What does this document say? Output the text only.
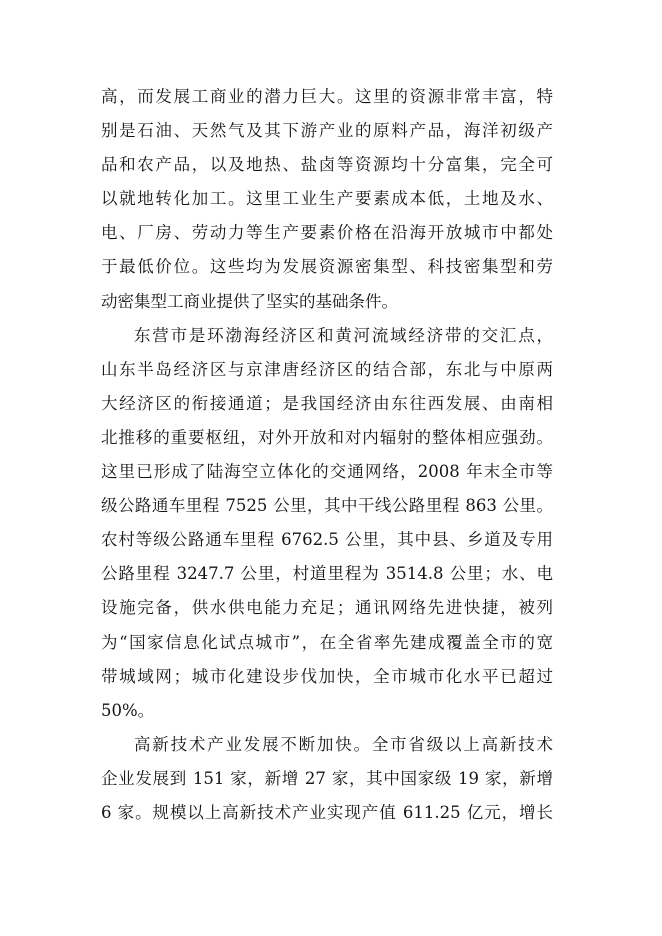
高，而发展工商业的潜力巨大。这里的资源非常丰富，特
别是石油、天然气及其下游产业的原料产品，海洋初级产
品和农产品，以及地热、盐卤等资源均十分富集，完全可
以就地转化加工。这里工业生产要素成本低，土地及水、
电、厂房、劳动力等生产要素价格在沿海开放城市中都处
于最低价位。这些均为发展资源密集型、科技密集型和劳
动密集型工商业提供了坚实的基础条件。
东营市是环渤海经济区和黄河流域经济带的交汇点，
山东半岛经济区与京津唐经济区的结合部，东北与中原两
大经济区的衔接通道；是我国经济由东往西发展、由南相
北推移的重要枢纽，对外开放和对内辐射的整体相应强劲。
这里已形成了陆海空立体化的交通网络，2008 年末全市等
级公路通车里程 7525 公里，其中干线公路里程 863 公里。
农村等级公路通车里程 6762.5 公里，其中县、乡道及专用
公路里程 3247.7 公里，村道里程为 3514.8 公里；水、电
设施完备，供水供电能力充足；通讯网络先进快捷，被列
为“国家信息化试点城市”，在全省率先建成覆盖全市的宽
带城域网；城市化建设步伐加快，全市城市化水平已超过
50%。
高新技术产业发展不断加快。全市省级以上高新技术
企业发展到 151 家，新增 27 家，其中国家级 19 家，新增
6 家。规模以上高新技术产业实现产值 611.25 亿元，增长
